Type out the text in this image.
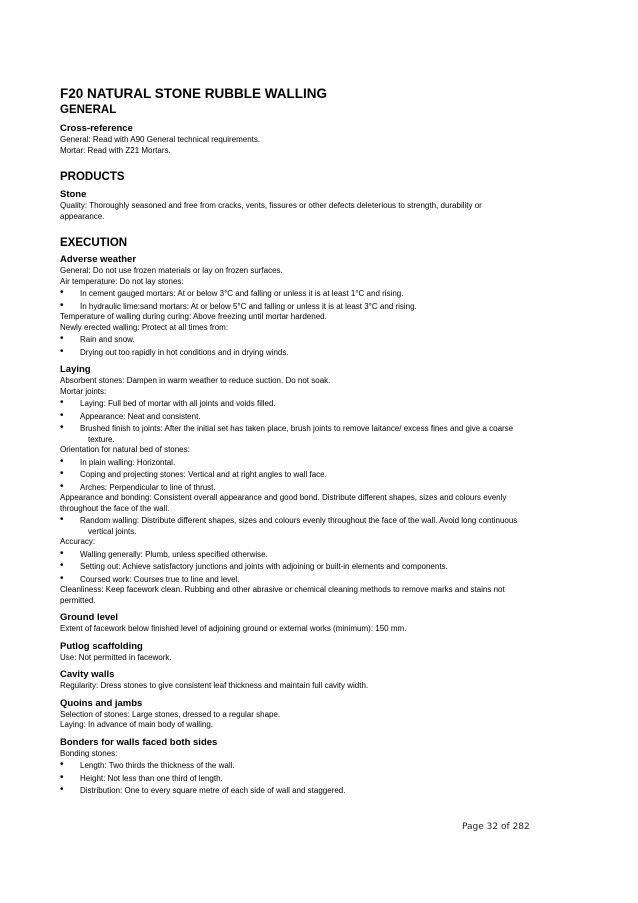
F20 NATURAL STONE RUBBLE WALLING
GENERAL
Cross-reference
General: Read with A90 General technical requirements.
Mortar: Read with Z21 Mortars.
PRODUCTS
Stone
Quality: Thoroughly seasoned and free from cracks, vents, fissures or other defects deleterious to strength, durability or
appearance.
EXECUTION
Adverse weather
General: Do not use frozen materials or lay on frozen surfaces.
Air temperature: Do not lay stones:
• In cement gauged mortars: At or below 3°C and falling or unless it is at least 1°C and rising.
• In hydraulic lime:sand mortars: At or below 5°C and falling or unless it is at least 3°C and rising.
Temperature of walling during curing: Above freezing until mortar hardened.
Newly erected walling: Protect at all times from:
• Rain and snow.
• Drying out too rapidly in hot conditions and in drying winds.
Laying
Absorbent stones: Dampen in warm weather to reduce suction. Do not soak.
Mortar joints:
• Laying: Full bed of mortar with all joints and voids filled.
• Appearance: Neat and consistent.
• Brushed finish to joints: After the initial set has taken place, brush joints to remove laitance/ excess fines and give a coarse
texture.
Orientation for natural bed of stones:
• In plain walling: Horizontal.
• Coping and projecting stones: Vertical and at right angles to wall face.
• Arches: Perpendicular to line of thrust.
Appearance and bonding: Consistent overall appearance and good bond. Distribute different shapes, sizes and colours evenly
throughout the face of the wall.
• Random walling: Distribute different shapes, sizes and colours evenly throughout the face of the wall. Avoid long continuous
vertical joints.
Accuracy:
• Walling generally: Plumb, unless specified otherwise.
• Setting out: Achieve satisfactory junctions and joints with adjoining or built-in elements and components.
• Coursed work: Courses true to line and level.
Cleanliness: Keep facework clean. Rubbing and other abrasive or chemical cleaning methods to remove marks and stains not
permitted.
Ground level
Extent of facework below finished level of adjoining ground or external works (minimum): 150 mm.
Putlog scaffolding
Use: Not permitted in facework.
Cavity walls
Regularity: Dress stones to give consistent leaf thickness and maintain full cavity width.
Quoins and jambs
Selection of stones: Large stones, dressed to a regular shape.
Laying: In advance of main body of walling.
Bonders for walls faced both sides
Bonding stones:
• Length: Two thirds the thickness of the wall.
• Height: Not less than one third of length.
• Distribution: One to every square metre of each side of wall and staggered.
Page 32 of 282
